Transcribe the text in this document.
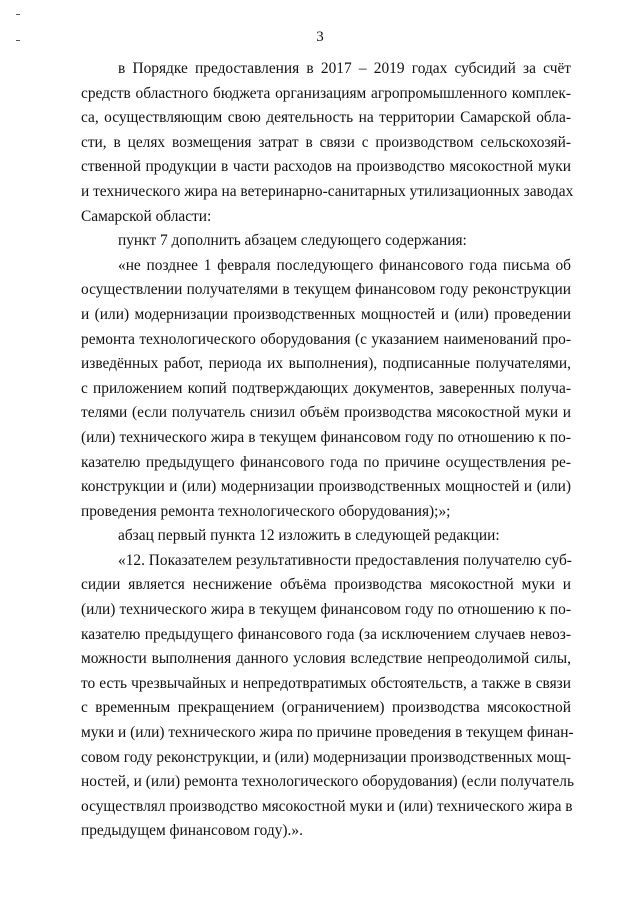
3
в Порядке предоставления в 2017 – 2019 годах субсидий за счёт
средств областного бюджета организациям агропромышленного комплек-
са, осуществляющим свою деятельность на территории Самарской обла-
сти, в целях возмещения затрат в связи с производством сельскохозяй-
ственной продукции в части расходов на производство мясокостной муки
и технического жира на ветеринарно-санитарных утилизационных заводах
Самарской области:
пункт 7 дополнить абзацем следующего содержания:
«не позднее 1 февраля последующего финансового года письма об
осуществлении получателями в текущем финансовом году реконструкции
и (или) модернизации производственных мощностей и (или) проведении
ремонта технологического оборудования (с указанием наименований про-
изведённых работ, периода их выполнения), подписанные получателями,
с приложением копий подтверждающих документов, заверенных получа-
телями (если получатель снизил объём производства мясокостной муки и
(или) технического жира в текущем финансовом году по отношению к по-
казателю предыдущего финансового года по причине осуществления ре-
конструкции и (или) модернизации производственных мощностей и (или)
проведения ремонта технологического оборудования);»;
абзац первый пункта 12 изложить в следующей редакции:
«12. Показателем результативности предоставления получателю суб-
сидии является неснижение объёма производства мясокостной муки и
(или) технического жира в текущем финансовом году по отношению к по-
казателю предыдущего финансового года (за исключением случаев невоз-
можности выполнения данного условия вследствие непреодолимой силы,
то есть чрезвычайных и непредотвратимых обстоятельств, а также в связи
с временным прекращением (ограничением) производства мясокостной
муки и (или) технического жира по причине проведения в текущем финан-
совом году реконструкции, и (или) модернизации производственных мощ-
ностей, и (или) ремонта технологического оборудования) (если получатель
осуществлял производство мясокостной муки и (или) технического жира в
предыдущем финансовом году).».
